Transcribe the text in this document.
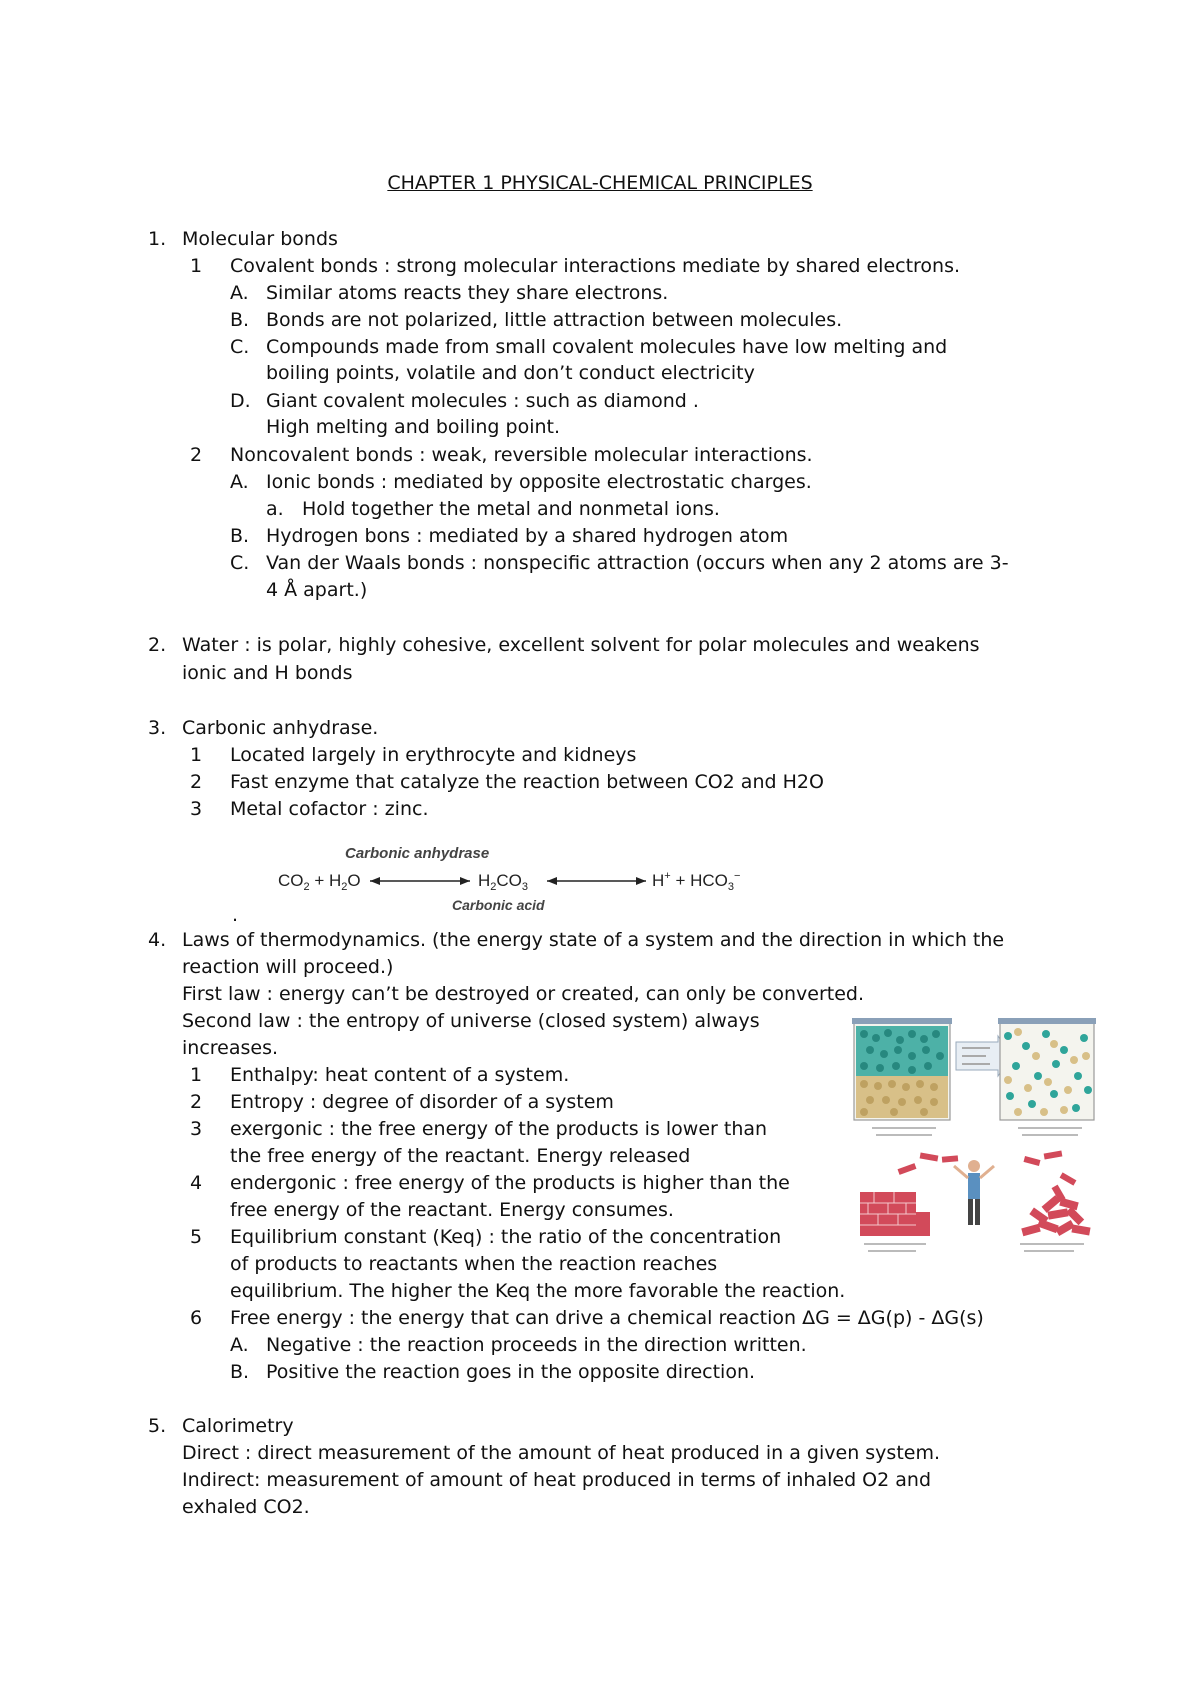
CHAPTER 1 PHYSICAL-CHEMICAL PRINCIPLES
1. Molecular bonds
1 Covalent bonds : strong molecular interactions mediate by shared electrons.
A. Similar atoms reacts they share electrons.
B. Bonds are not polarized, little attraction between molecules.
C. Compounds made from small covalent molecules have low melting and
boiling points, volatile and don’t conduct electricity
D. Giant covalent molecules : such as diamond .
High melting and boiling point.
2 Noncovalent bonds : weak, reversible molecular interactions.
A. Ionic bonds : mediated by opposite electrostatic charges.
a. Hold together the metal and nonmetal ions.
B. Hydrogen bons : mediated by a shared hydrogen atom
C. Van der Waals bonds : nonspecific attraction (occurs when any 2 atoms are 3-
4 Å apart.)
2. Water : is polar, highly cohesive, excellent solvent for polar molecules and weakens
ionic and H bonds
3. Carbonic anhydrase.
1 Located largely in erythrocyte and kidneys
2 Fast enzyme that catalyze the reaction between CO2 and H2O
3 Metal cofactor : zinc.
Carbonic anhydrase
$CO_2 + H_2O$	$H_2CO_3$	$H^+ + HCO_3^-$
Carbonic acid
.
4. Laws of thermodynamics. (the energy state of a system and the direction in which the
reaction will proceed.)
First law : energy can’t be destroyed or created, can only be converted.
Second law : the entropy of universe (closed system) always
increases.
1 Enthalpy: heat content of a system.
2 Entropy : degree of disorder of a system
3 exergonic : the free energy of the products is lower than
the free energy of the reactant. Energy released
4 endergonic : free energy of the products is higher than the
free energy of the reactant. Energy consumes.
5 Equilibrium constant (Keq) : the ratio of the concentration
of products to reactants when the reaction reaches
equilibrium. The higher the Keq the more favorable the reaction.
6 Free energy : the energy that can drive a chemical reaction ΔG = ΔG(p) - ΔG(s)
A. Negative : the reaction proceeds in the direction written.
B. Positive the reaction goes in the opposite direction.
5. Calorimetry
Direct : direct measurement of the amount of heat produced in a given system.
Indirect: measurement of amount of heat produced in terms of inhaled O2 and
exhaled CO2.
